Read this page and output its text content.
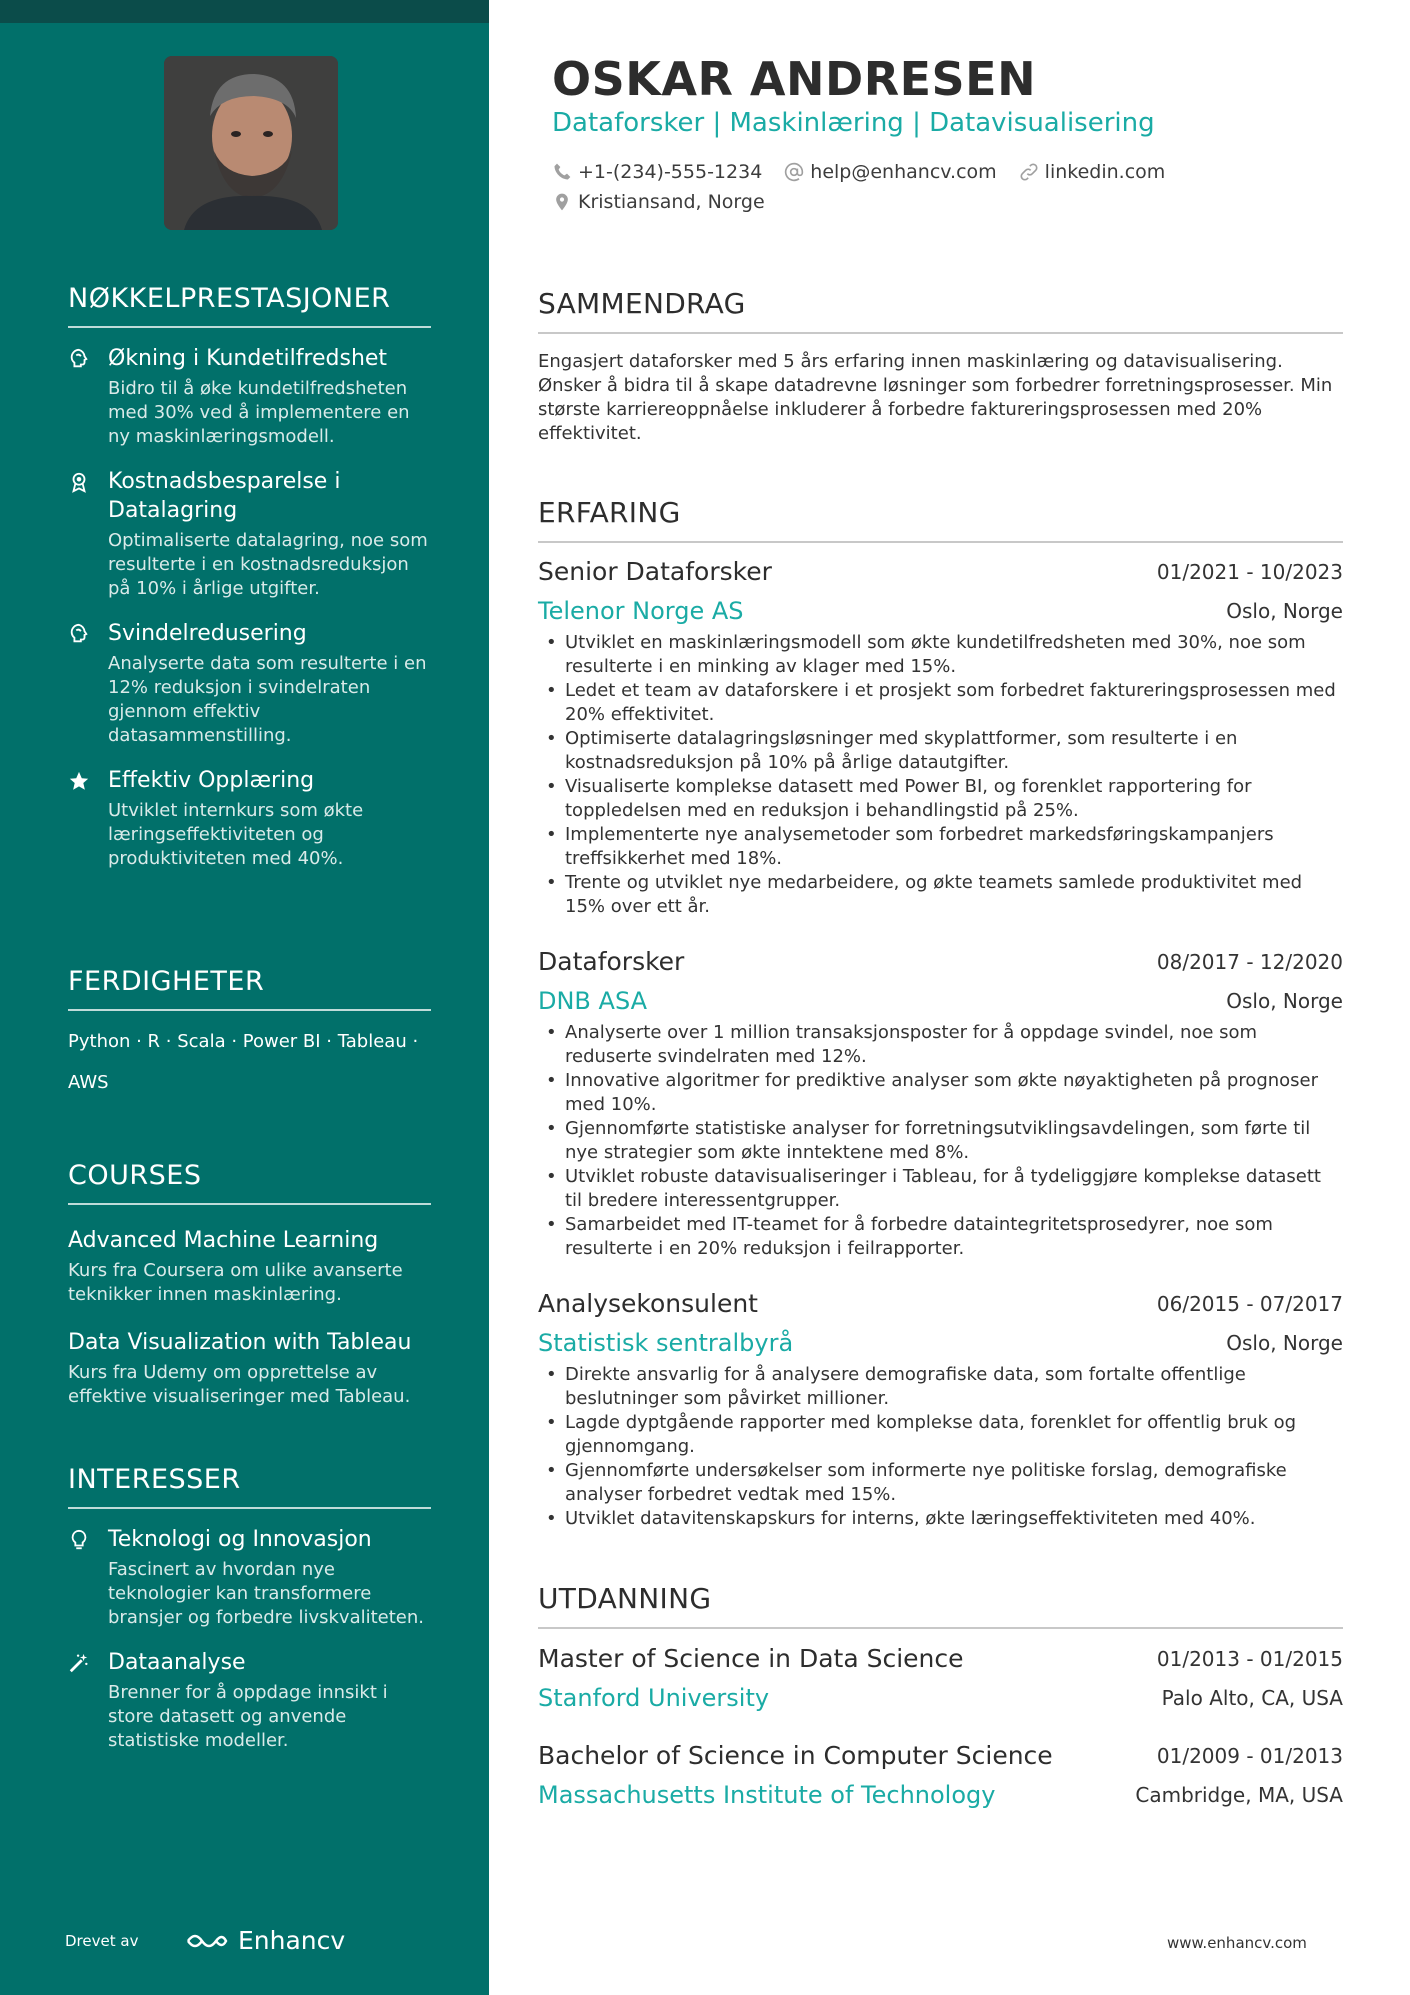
NØKKELPRESTASJONER
Økning i Kundetilfredshet
Bidro til å øke kundetilfredsheten med 30% ved å implementere en ny maskinlæringsmodell.
Kostnadsbesparelse i Datalagring
Optimaliserte datalagring, noe som resulterte i en kostnadsreduksjon på 10% i årlige utgifter.
Svindelredusering
Analyserte data som resulterte i en 12% reduksjon i svindelraten gjennom effektiv datasammenstilling.
Effektiv Opplæring
Utviklet internkurs som økte læringseffektiviteten og produktiviteten med 40%.
FERDIGHETER
Python · R · Scala · Power BI · Tableau ·
AWS
COURSES
Advanced Machine Learning
Kurs fra Coursera om ulike avanserte teknikker innen maskinlæring.
Data Visualization with Tableau
Kurs fra Udemy om opprettelse av effektive visualiseringer med Tableau.
INTERESSER
Teknologi og Innovasjon
Fascinert av hvordan nye teknologier kan transformere bransjer og forbedre livskvaliteten.
Dataanalyse
Brenner for å oppdage innsikt i store datasett og anvende statistiske modeller.
Drevet av	Enhancv
OSKAR ANDRESEN
Dataforsker | Maskinlæring | Datavisualisering
+1-(234)-555-1234	help@enhancv.com	linkedin.com
Kristiansand, Norge
SAMMENDRAG
Engasjert dataforsker med 5 års erfaring innen maskinlæring og datavisualisering. Ønsker å bidra til å skape datadrevne løsninger som forbedrer forretningsprosesser. Min største karriereoppnåelse inkluderer å forbedre faktureringsprosessen med 20% effektivitet.
ERFARING
Senior Dataforsker	01/2021 - 10/2023
Telenor Norge AS	Oslo, Norge
• Utviklet en maskinlæringsmodell som økte kundetilfredsheten med 30%, noe som resulterte i en minking av klager med 15%.
• Ledet et team av dataforskere i et prosjekt som forbedret faktureringsprosessen med 20% effektivitet.
• Optimiserte datalagringsløsninger med skyplattformer, som resulterte i en kostnadsreduksjon på 10% på årlige datautgifter.
• Visualiserte komplekse datasett med Power BI, og forenklet rapportering for toppledelsen med en reduksjon i behandlingstid på 25%.
• Implementerte nye analysemetoder som forbedret markedsføringskampanjers treffsikkerhet med 18%.
• Trente og utviklet nye medarbeidere, og økte teamets samlede produktivitet med 15% over ett år.
Dataforsker	08/2017 - 12/2020
DNB ASA	Oslo, Norge
• Analyserte over 1 million transaksjonsposter for å oppdage svindel, noe som reduserte svindelraten med 12%.
• Innovative algoritmer for prediktive analyser som økte nøyaktigheten på prognoser med 10%.
• Gjennomførte statistiske analyser for forretningsutviklingsavdelingen, som førte til nye strategier som økte inntektene med 8%.
• Utviklet robuste datavisualiseringer i Tableau, for å tydeliggjøre komplekse datasett til bredere interessentgrupper.
• Samarbeidet med IT-teamet for å forbedre dataintegritetsprosedyrer, noe som resulterte i en 20% reduksjon i feilrapporter.
Analysekonsulent	06/2015 - 07/2017
Statistisk sentralbyrå	Oslo, Norge
• Direkte ansvarlig for å analysere demografiske data, som fortalte offentlige beslutninger som påvirket millioner.
• Lagde dyptgående rapporter med komplekse data, forenklet for offentlig bruk og gjennomgang.
• Gjennomførte undersøkelser som informerte nye politiske forslag, demografiske analyser forbedret vedtak med 15%.
• Utviklet datavitenskapskurs for interns, økte læringseffektiviteten med 40%.
UTDANNING
Master of Science in Data Science	01/2013 - 01/2015
Stanford University	Palo Alto, CA, USA
Bachelor of Science in Computer Science	01/2009 - 01/2013
Massachusetts Institute of Technology	Cambridge, MA, USA
www.enhancv.com
